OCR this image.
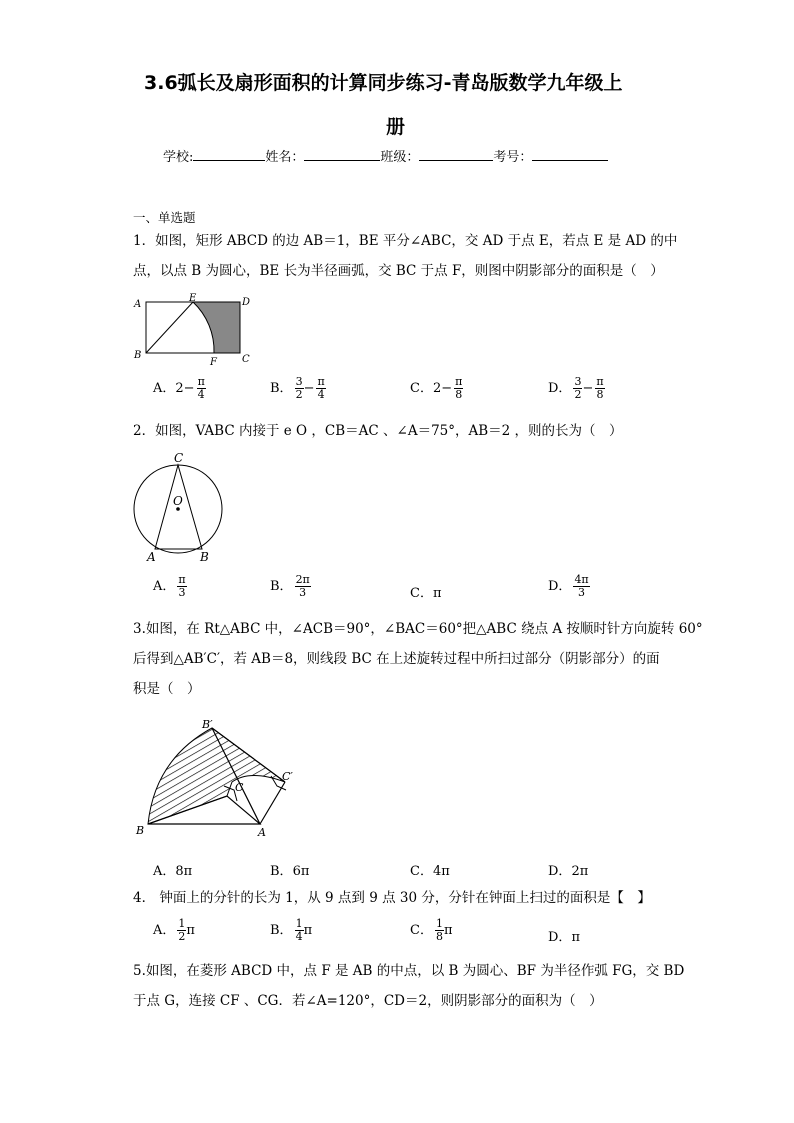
3.6弧长及扇形面积的计算同步练习-青岛版数学九年级上
册
学校:	姓名：	班级：	考号：
一、单选题
1．如图，矩形 ABCD 的边 AB＝1，BE 平分∠ABC，交 AD 于点 E，若点 E 是 AD 的中
点，以点 B 为圆心，BE 长为半径画弧，交 BC 于点 F，则图中阴影部分的面积是（　）
A
B	C
D
E
F
A．$2- \frac{\pi}{4}$	B． $\frac{3}{2} - \frac{\pi}{4}$	C．$2- \frac{\pi}{8}$	D． $\frac{3}{2} - \frac{\pi}{8}$
2．如图，VABC 内接于 e O ，CB＝AC 、∠A＝75°，AB＝2 ，则的长为（　）
C
O
A	B
A． $\frac{\pi}{3}$	B． $\frac{2\pi}{3}$	C．π	D． $\frac{4\pi}{3}$
3.如图，在 Rt△ABC 中，∠ACB＝90°，∠BAC＝60°把△ABC 绕点 A 按顺时针方向旋转 60°
后得到△AB′C′，若 AB＝8，则线段 BC 在上述旋转过程中所扫过部分（阴影部分）的面
积是（　）
B	A
C
B′
C′
A．8π	B．6π	C．4π	D．2π
4． 钟面上的分针的长为 1，从 9 点到 9 点 30 分，分针在钟面上扫过的面积是【　】
A． $\frac{1}{2}$ π	B． $\frac{1}{4}$ π	C． $\frac{1}{8}$ π	D．π
5.如图，在菱形 ABCD 中，点 F 是 AB 的中点，以 B 为圆心、BF 为半径作弧 FG，交 BD
于点 G，连接 CF 、CG．若∠A=120°，CD＝2，则阴影部分的面积为（　）
